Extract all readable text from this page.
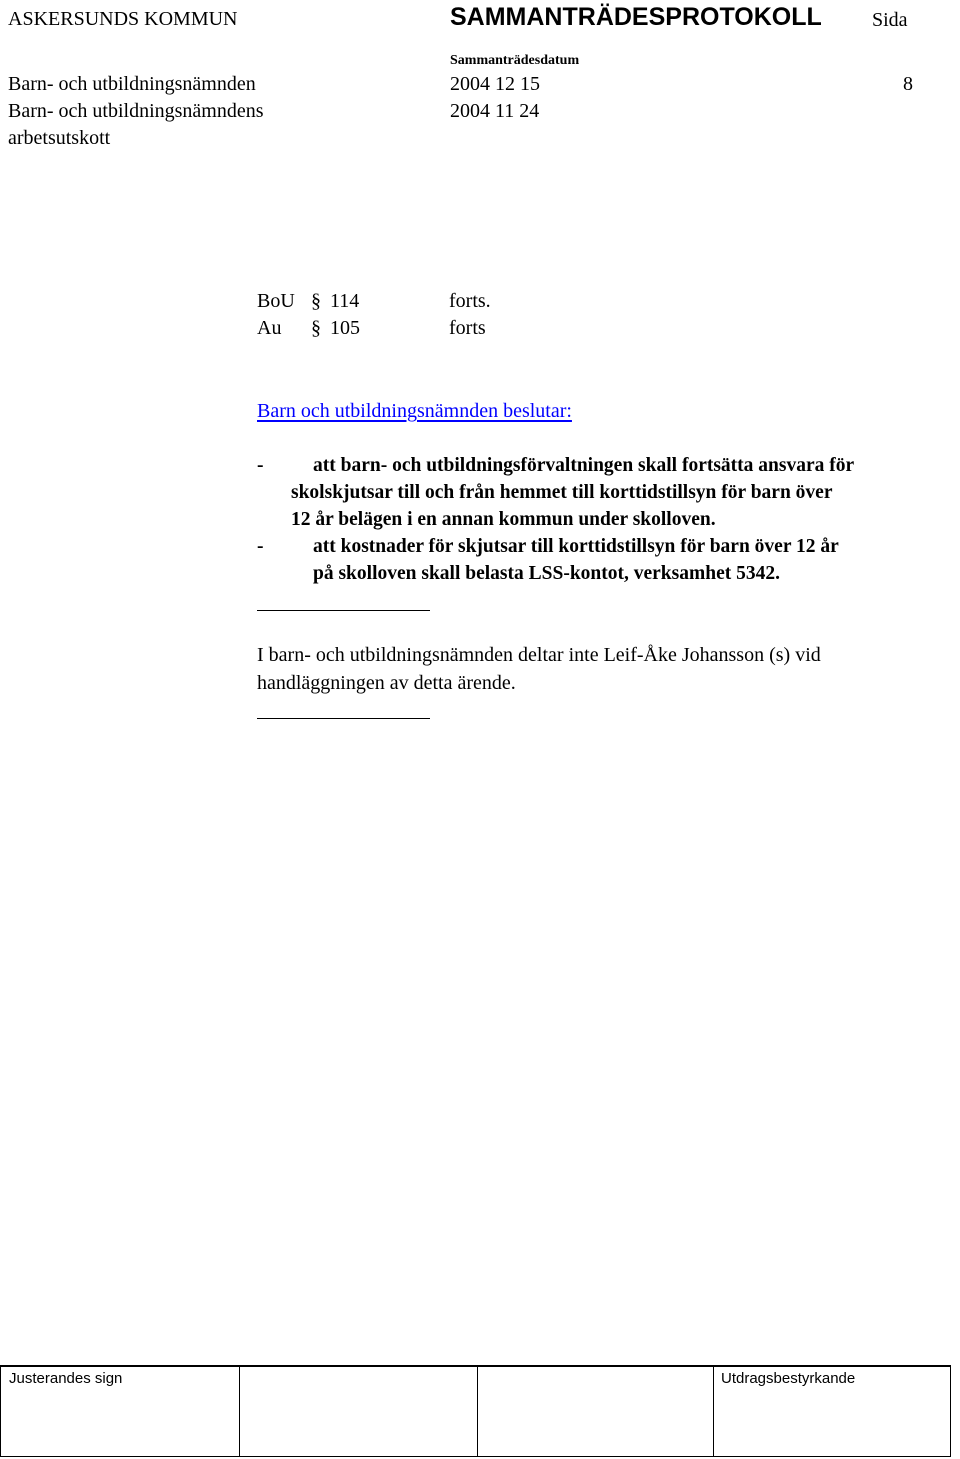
ASKERSUNDS KOMMUN	SAMMANTRÄDESPROTOKOLL	Sida
Sammanträdesdatum
Barn- och utbildningsnämnden	2004 12 15	8
Barn- och utbildningsnämndens	2004 11 24
arbetsutskott
BoU § 114	forts.
Au § 105	forts
Barn och utbildningsnämnden beslutar:
-	att barn- och utbildningsförvaltningen skall fortsätta ansvara för
skolskjutsar till och från hemmet till korttidstillsyn för barn över
12 år belägen i en annan kommun under skolloven.
-	att kostnader för skjutsar till korttidstillsyn för barn över 12 år
på skolloven skall belasta LSS-kontot, verksamhet 5342.
I barn- och utbildningsnämnden deltar inte Leif-Åke Johansson (s) vid
handläggningen av detta ärende.
Justerandes sign	Utdragsbestyrkande
